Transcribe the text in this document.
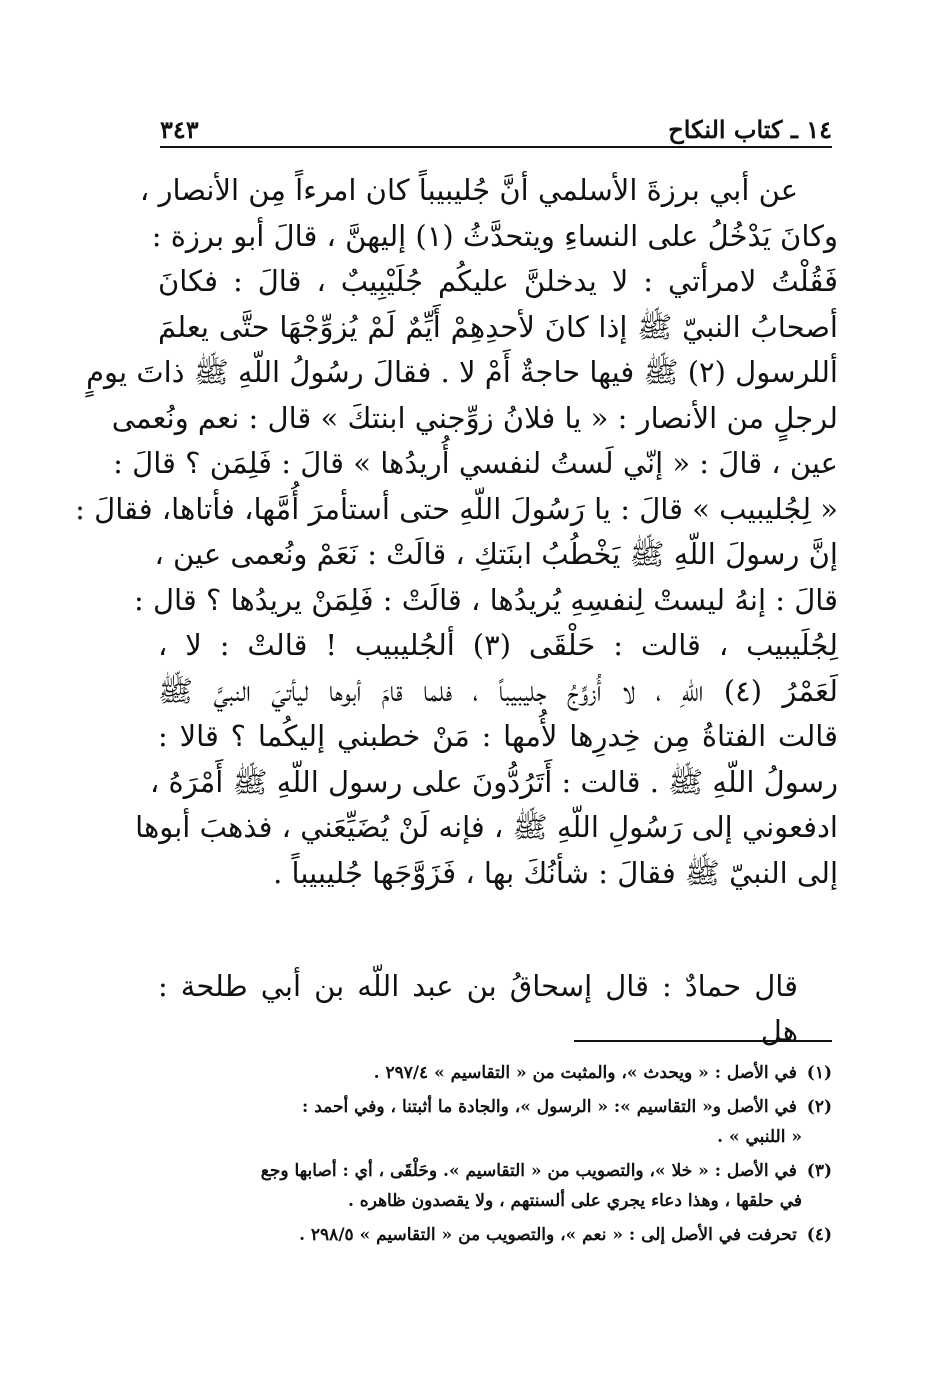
١٤ ـ كتاب النكاح
٣٤٣
عن أبي برزةَ الأسلمي أنَّ جُليبيباً كان امرءاً مِن الأنصار ،
وكانَ يَدْخُلُ على النساءِ ويتحدَّثُ (١) إليهنَّ ، قالَ أبو برزة :
فَقُلْتُ لامرأتي : لا يدخلنَّ عليكُم جُلَيْبِيبٌ ، قالَ : فكانَ
أصحابُ النبيّ ﷺ إذا كانَ لأحدِهِمْ أَيِّمٌ لَمْ يُزوِّجْهَا حتَّى يعلمَ
أللرسول (٢) ﷺ فيها حاجةٌ أَمْ لا . فقالَ رسُولُ اللّهِ ﷺ ذاتَ يومٍ
لرجلٍ من الأنصار : « يا فلانُ زوِّجني ابنتكَ » قال : نعم ونُعمى
عين ، قالَ : « إنّي لَستُ لنفسي أُريدُها » قالَ : فَلِمَن ؟ قالَ :
« لِجُليبيب » قالَ : يا رَسُولَ اللّهِ حتى أستأمرَ أُمَّها، فأتاها، فقالَ :
إنَّ رسولَ اللّهِ ﷺ يَخْطُبُ ابنَتكِ ، قالَتْ : نَعَمْ ونُعمى عين ،
قالَ : إنهُ ليستْ لِنفسِهِ يُريدُها ، قالَتْ : فَلِمَنْ يريدُها ؟ قال :
لِجُلَيبيب ، قالت : حَلْقَى (٣) ألجُليبيب ! قالتْ : لا ،
لَعَمْرُ (٤) اللّهِ ، لا أُزوِّجُ جليبيباً ، فلما قامَ أبوها ليأتيَ النبيَّ ﷺ
قالت الفتاةُ مِن خِدرِها لأُمها : مَنْ خطبني إليكُما ؟ قالا :
رسولُ اللّهِ ﷺ . قالت : أَتَرُدُّونَ على رسول اللّهِ ﷺ أَمْرَهُ ،
ادفعوني إلى رَسُولِ اللّهِ ﷺ ، فإنه لَنْ يُضَيِّعَني ، فذهبَ أبوها
إلى النبيّ ﷺ فقالَ : شأنُكَ بها ، فَزَوَّجَها جُليبيباً .
قال حمادٌ : قال إسحاقُ بن عبد اللّه بن أبي طلحة : هل
(١) في الأصل : « ويحدث »، والمثبت من « التقاسيم » ٢٩٧/٤ .
(٢) في الأصل و« التقاسيم »: « الرسول »، والجادة ما أثبتنا ، وفي أحمد :
« اللنبي » .
(٣) في الأصل : « خلا »، والتصويب من « التقاسيم ». وحَلْقَى ، أي : أصابها وجع
في حلقها ، وهذا دعاء يجري على ألسنتهم ، ولا يقصدون ظاهره .
(٤) تحرفت في الأصل إلى : « نعم »، والتصويب من « التقاسيم » ٢٩٨/٥ .
